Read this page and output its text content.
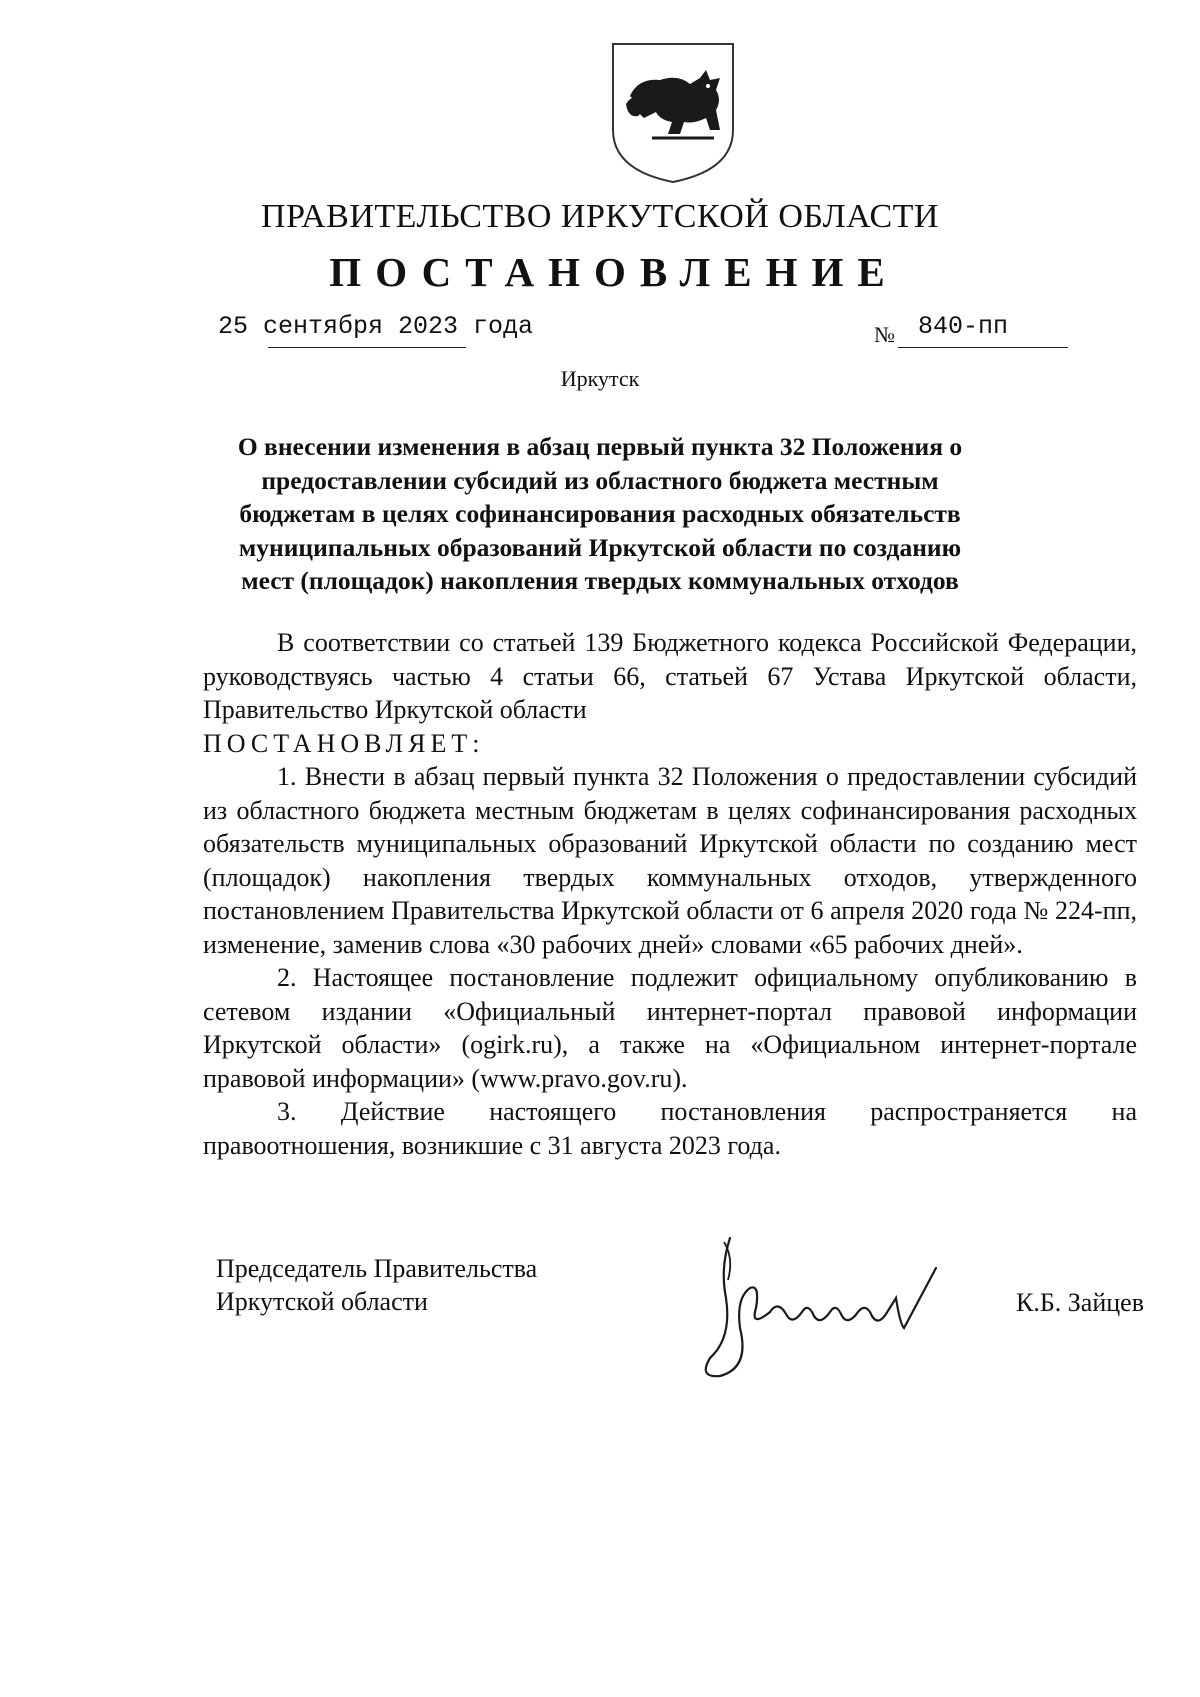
ПРАВИТЕЛЬСТВО ИРКУТСКОЙ ОБЛАСТИ
ПОСТАНОВЛЕНИЕ
25 сентября 2023 года	№ 840-пп
Иркутск
О внесении изменения в абзац первый пункта 32 Положения о предоставлении субсидий из областного бюджета местным бюджетам в целях софинансирования расходных обязательств муниципальных образований Иркутской области по созданию мест (площадок) накопления твердых коммунальных отходов

В соответствии со статьей 139 Бюджетного кодекса Российской Федерации, руководствуясь частью 4 статьи 66, статьей 67 Устава Иркутской области, Правительство Иркутской области

ПОСТАНОВЛЯЕТ:

1. Внести в абзац первый пункта 32 Положения о предоставлении субсидий из областного бюджета местным бюджетам в целях софинансирования расходных обязательств муниципальных образований Иркутской области по созданию мест (площадок) накопления твердых коммунальных отходов, утвержденного постановлением Правительства Иркутской области от 6 апреля 2020 года № 224-пп, изменение, заменив слова «30 рабочих дней» словами «65 рабочих дней».

2. Настоящее постановление подлежит официальному опубликованию в сетевом издании «Официальный интернет-портал правовой информации Иркутской области» (ogirk.ru), а также на «Официальном интернет-портале правовой информации» (www.pravo.gov.ru).

3. Действие настоящего постановления распространяется на правоотношения, возникшие с 31 августа 2023 года.

Председатель Правительства
Иркутской области	К.Б. Зайцев
